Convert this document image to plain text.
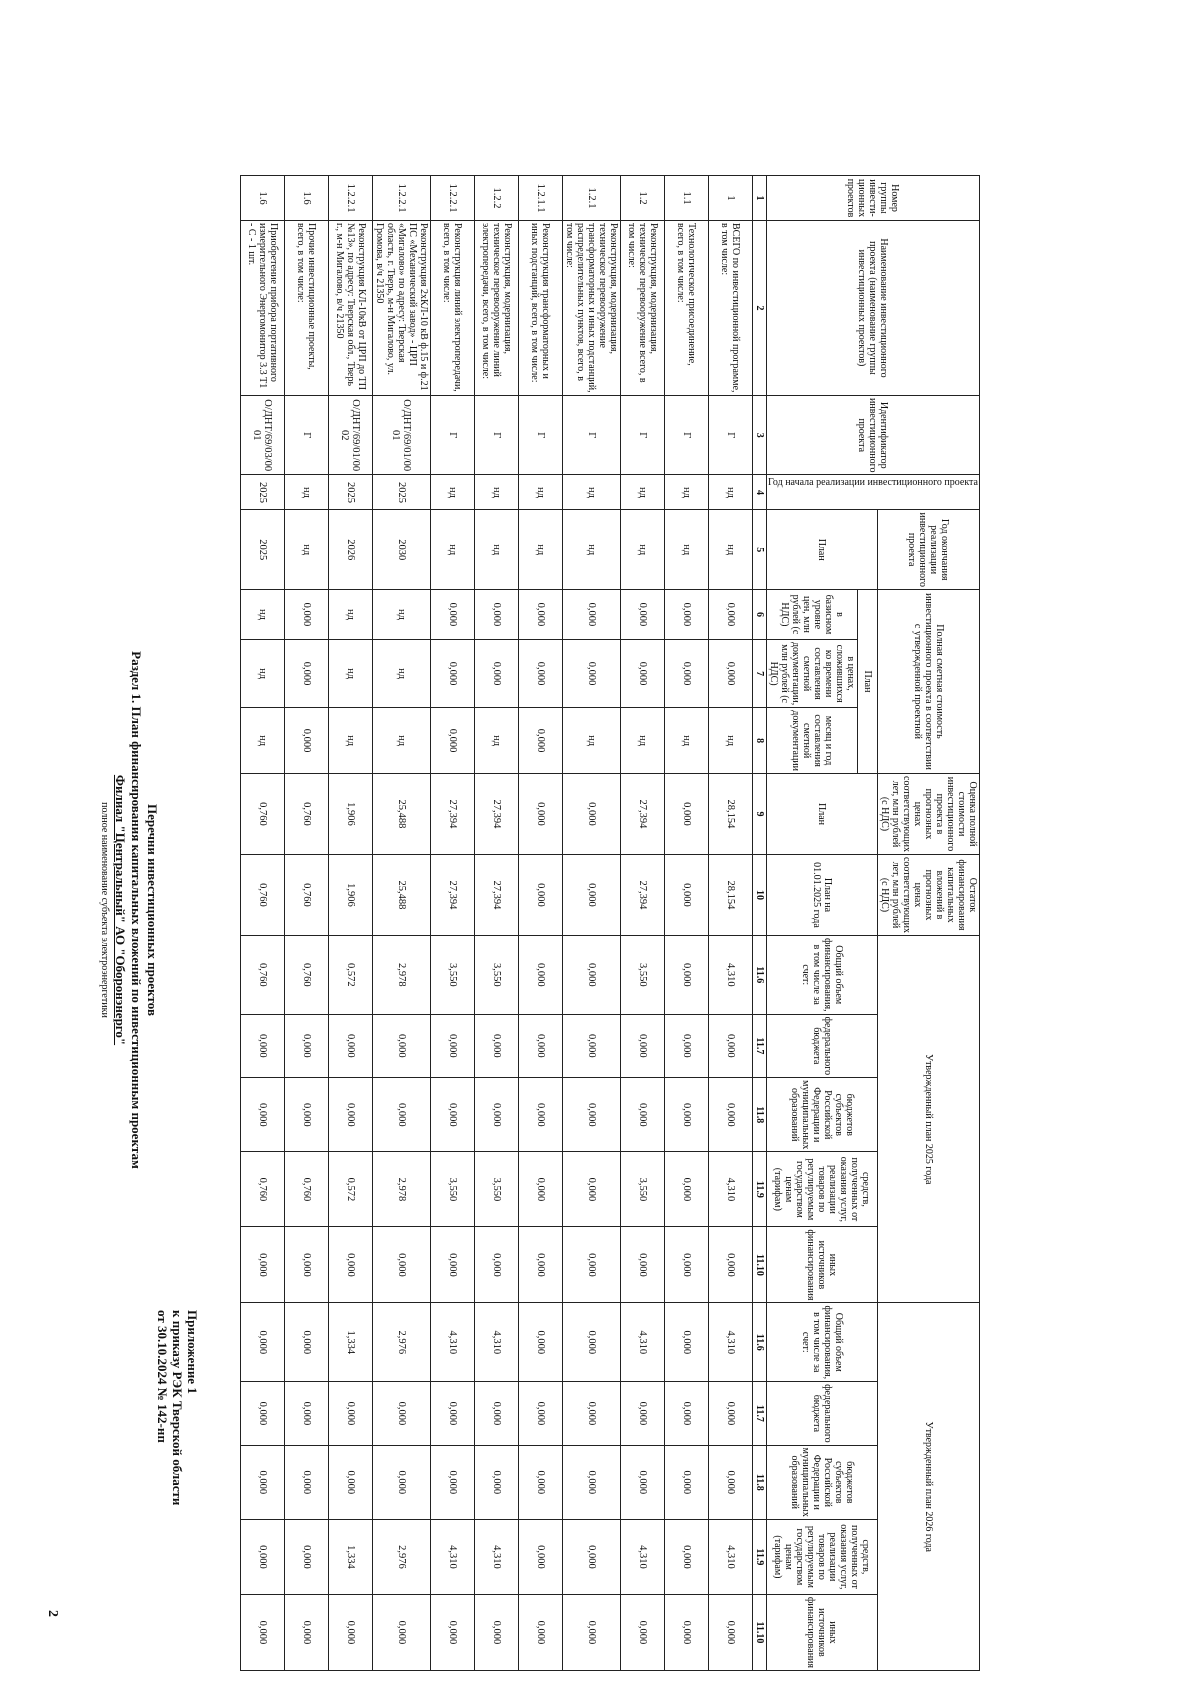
2
Приложение 1
к приказу РЭК Тверской области
от 30.10.2024 № 142-нп
Перечни инвестиционных проектов
Раздел 1. План финансирования капитальных вложений по инвестиционным проектам
Филиал "Центральный" АО "Оборонэнерго"
полное наименование субъекта электроэнергетики
Номер группы инвести-ционных проектов	Наименование инвестиционного проекта (наименование группы инвестиционных проектов)	Идентификатор инвестиционного проекта	Год начала реализации инвестиционного проекта	Год окончания реализации инвестиционного проекта	Полная сметная стоимость инвестиционного проекта в соответствии с утвержденной проектной			Оценка полной стоимости инвестиционного проекта в прогнозных ценах соответствующих лет, млн рублей (с НДС)	Остаток финансирования капитальных вложений в прогнозных ценах соответствующих лет, млн рублей (с НДС)	Утвержденный план 2025 года					Утвержденный план 2026 года				
				План	План			План	План на 01.01.2025 года	Общий объем финансирования, в том числе за счет:	федерального бюджета	бюджетов субъектов Российской Федерации и муниципальных образований	средств, полученных от оказания услуг, реализации товаров по регулируемым государством ценам (тарифам)	иных источников финансирования	Общий объем финансирования, в том числе за счет:	федерального бюджета	бюджетов субъектов Российской Федерации и муниципальных образований	средств, полученных от оказания услуг, реализации товаров по регулируемым государством ценам (тарифам)	иных источников финансирования
					в базисном уровне цен, млн рублей (с НДС)	в ценах, сложившихся ко времени составления сметной документации, млн рублей (с НДС)	месяц и год составления сметной документации												
1	2	3	4	5	6	7	8	9	10	11.6	11.7	11.8	11.9	11.10	11.6	11.7	11.8	11.9	11.10
1	ВСЕГО по инвестиционной программе, в том числе:	Г	нд	нд	0,000	0,000	нд	28,154	28,154	4,310	0,000	0,000	4,310	0,000	4,310	0,000	0,000	4,310	0,000
1.1	Технологическое присоединение, всего, в том числе:	Г	нд	нд	0,000	0,000	нд	0,000	0,000	0,000	0,000	0,000	0,000	0,000	0,000	0,000	0,000	0,000	0,000
1.2	Реконструкция, модернизация, техническое перевооружение всего, в том числе:	Г	нд	нд	0,000	0,000	нд	27,394	27,394	3,550	0,000	0,000	3,550	0,000	4,310	0,000	0,000	4,310	0,000
1.2.1	Реконструкция, модернизация, техническое перевооружение трансформаторных и иных подстанций, распределительных пунктов, всего, в том числе:	Г	нд	нд	0,000	0,000	нд	0,000	0,000	0,000	0,000	0,000	0,000	0,000	0,000	0,000	0,000	0,000	0,000
1.2.1.1	Реконструкция трансформаторных и иных подстанций, всего, в том числе:	Г	нд	нд	0,000	0,000	0,000	0,000	0,000	0,000	0,000	0,000	0,000	0,000	0,000	0,000	0,000	0,000	0,000
1.2.2	Реконструкция, модернизация, техническое перевооружение линий электропередачи, всего, в том числе:	Г	нд	нд	0,000	0,000	нд	27,394	27,394	3,550	0,000	0,000	3,550	0,000	4,310	0,000	0,000	4,310	0,000
1.2.2.1	Реконструкция линий электропередачи, всего, в том числе:	Г	нд	нд	0,000	0,000	0,000	27,394	27,394	3,550	0,000	0,000	3,550	0,000	4,310	0,000	0,000	4,310	0,000
1.2.2.1	Реконструкция 2хКЛ-10 кВ ф.15 и ф.21 ПС «Механический завод» - ЦРП «Мигалово» по адресу: Тверская область, г. Тверь, м-н Мигалово, ул. Громова, в/ч 21350	О/ДНТ/69/01/00 01	2025	2030	нд	нд	нд	25,488	25,488	2,978	0,000	0,000	2,978	0,000	2,976	0,000	0,000	2,976	0,000
1.2.2.1	Реконструкция КЛ-10кВ от ЦРП до ТП №13», по адресу: Тверская обл., Тверь г., м-н Мигалово, в/ч 21350	О/ДНТ/69/01/00 02	2025	2026	нд	нд	нд	1,906	1,906	0,572	0,000	0,000	0,572	0,000	1,334	0,000	0,000	1,334	0,000
1.6	Прочие инвестиционные проекты, всего, в том числе:	Г	нд	нд	0,000	0,000	0,000	0,760	0,760	0,760	0,000	0,000	0,760	0,000	0,000	0,000	0,000	0,000	0,000
1.6	Приобретение прибора портативного измерительного Энергомонитор 3.3 Т1 - С - 1 шт.	О/ДНТ/69/03/00 01	2025	2025	нд	нд	нд	0,760	0,760	0,760	0,000	0,000	0,760	0,000	0,000	0,000	0,000	0,000	0,000
